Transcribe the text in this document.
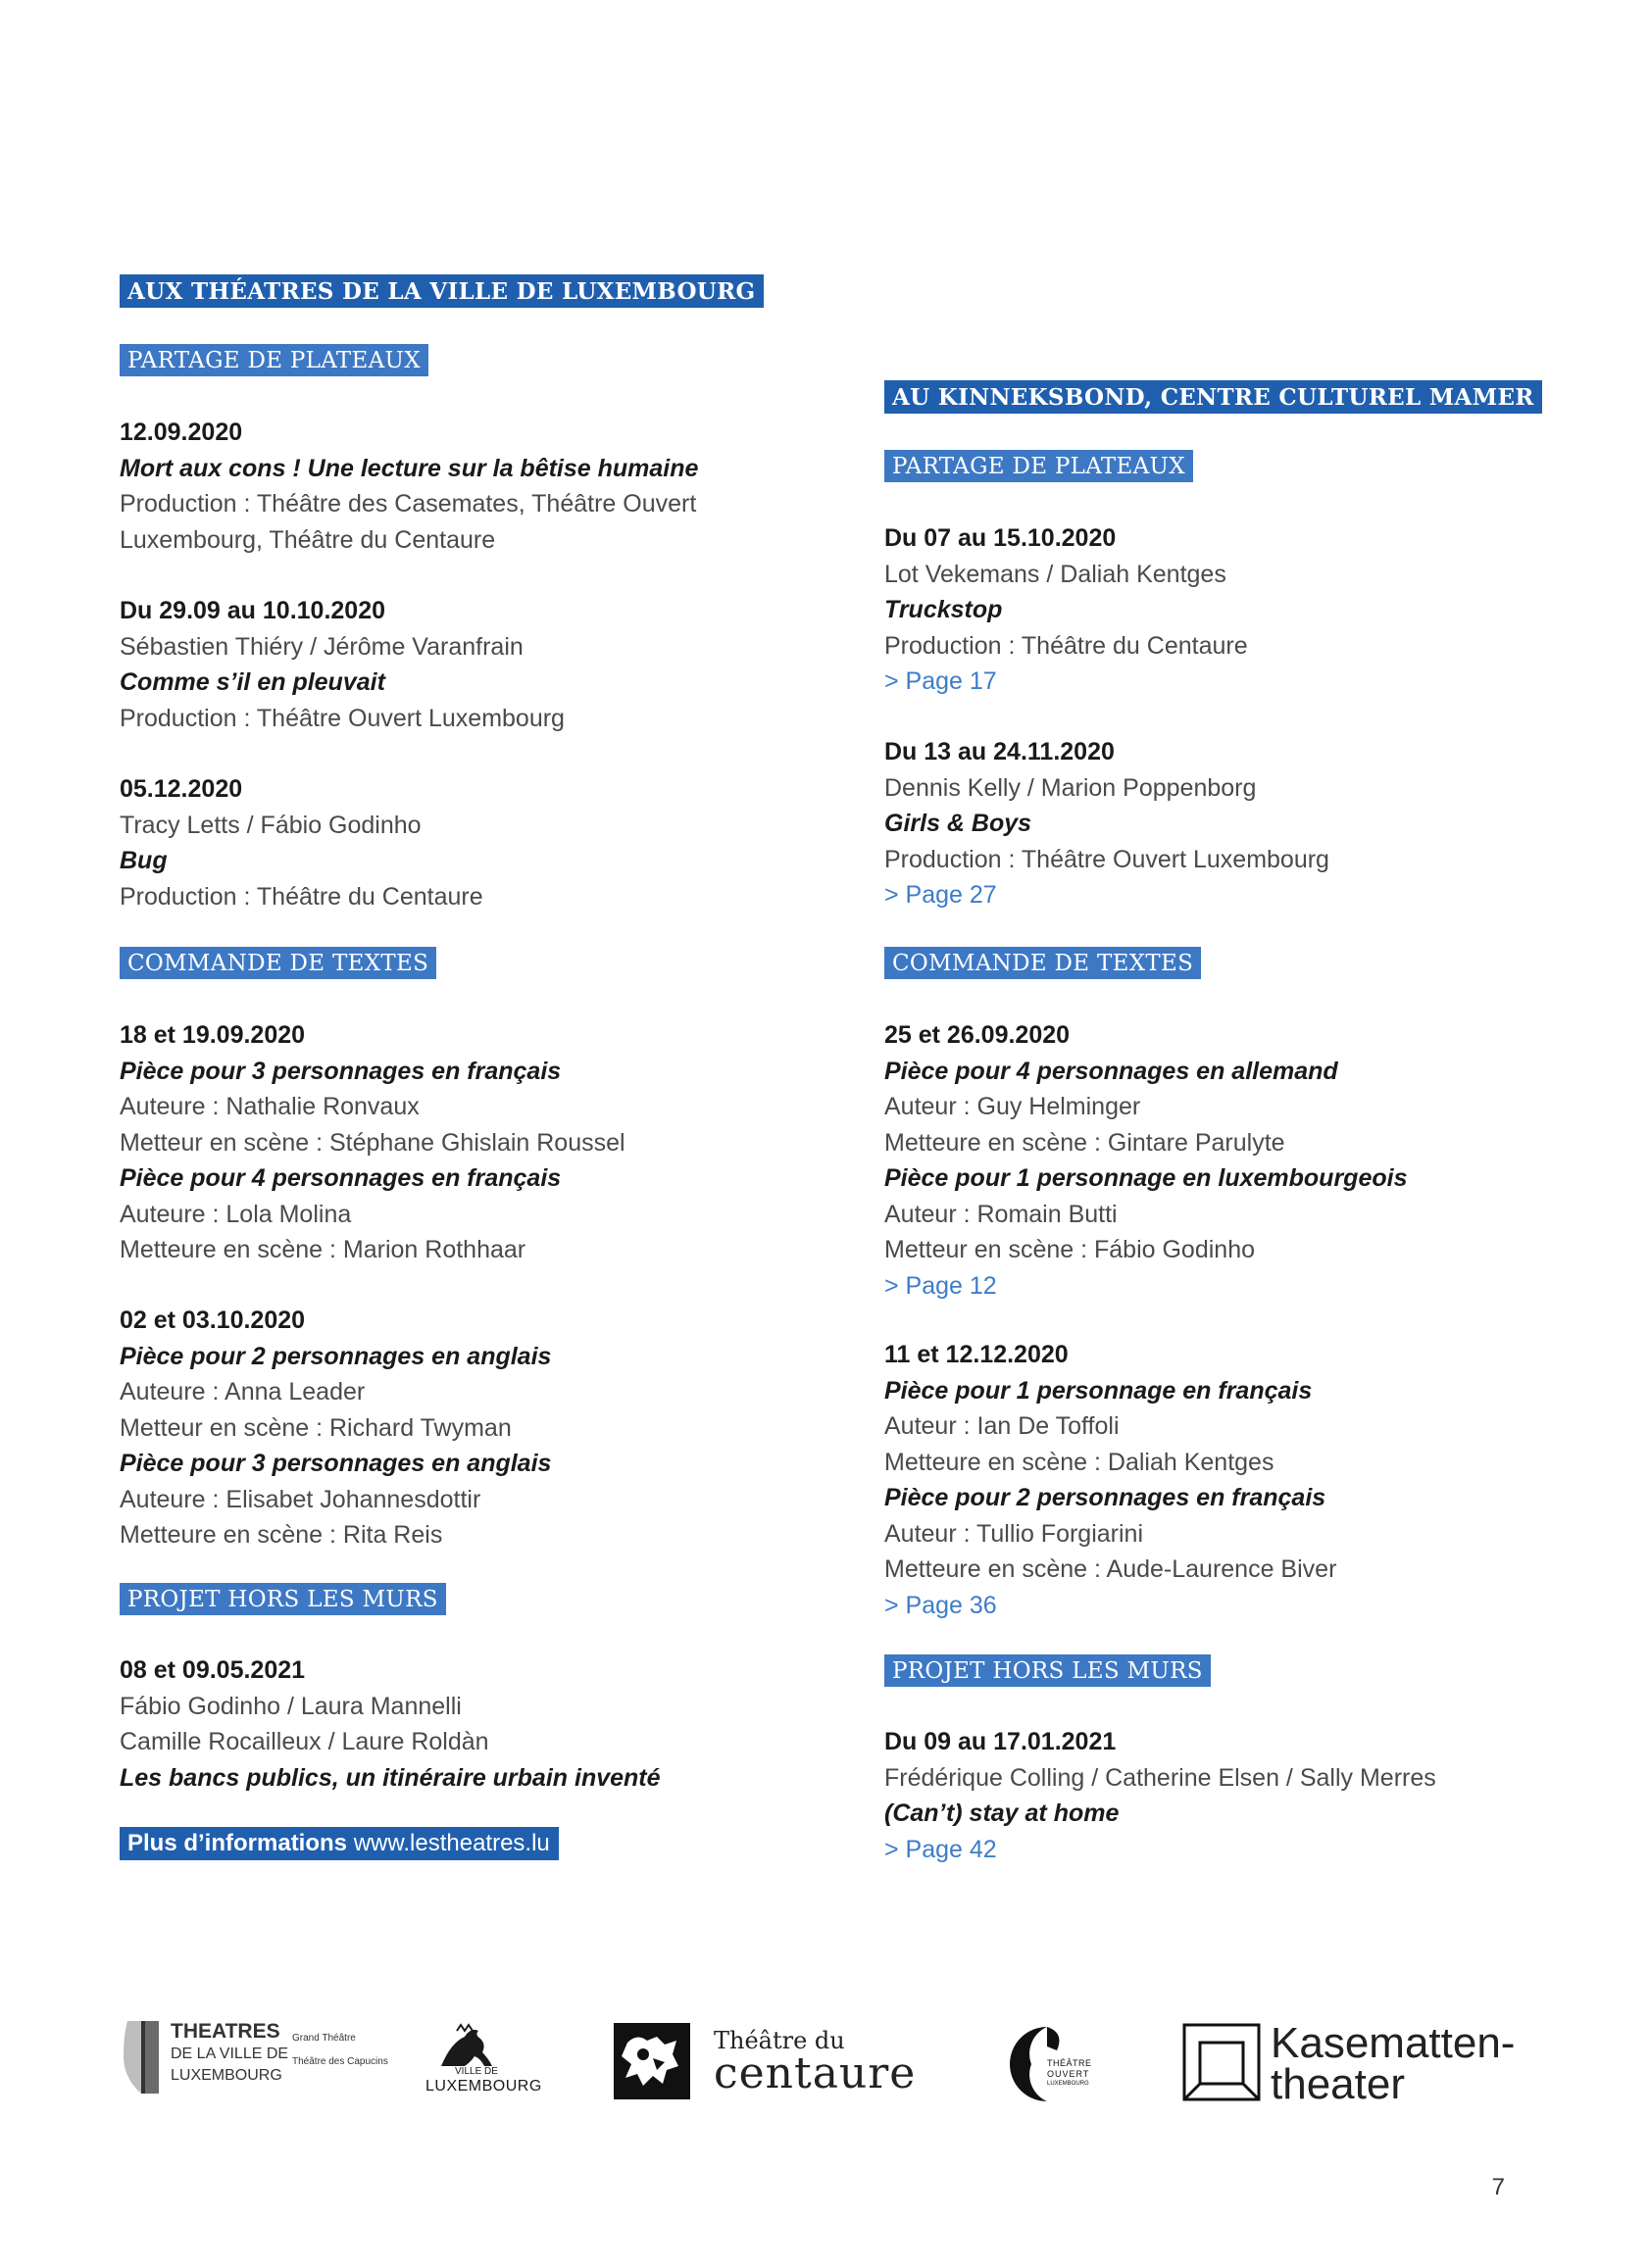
AUX THÉATRES DE LA VILLE DE LUXEMBOURG
PARTAGE DE PLATEAUX
12.09.2020
Mort aux cons ! Une lecture sur la bêtise humaine
Production : Théâtre des Casemates, Théâtre Ouvert
Luxembourg, Théâtre du Centaure
Du 29.09 au 10.10.2020
Sébastien Thiéry / Jérôme Varanfrain
Comme s’il en pleuvait
Production : Théâtre Ouvert Luxembourg
05.12.2020
Tracy Letts / Fábio Godinho
Bug
Production : Théâtre du Centaure
COMMANDE DE TEXTES
18 et 19.09.2020
Pièce pour 3 personnages en français
Auteure : Nathalie Ronvaux
Metteur en scène : Stéphane Ghislain Roussel
Pièce pour 4 personnages en français
Auteure : Lola Molina
Metteure en scène : Marion Rothhaar
02 et 03.10.2020
Pièce pour 2 personnages en anglais
Auteure : Anna Leader
Metteur en scène : Richard Twyman
Pièce pour 3 personnages en anglais
Auteure : Elisabet Johannesdottir
Metteure en scène : Rita Reis
PROJET HORS LES MURS
08 et 09.05.2021
Fábio Godinho / Laura Mannelli
Camille Rocailleux / Laure Roldàn
Les bancs publics, un itinéraire urbain inventé
Plus d’informations www.lestheatres.lu
AU KINNEKSBOND, CENTRE CULTUREL MAMER
PARTAGE DE PLATEAUX
Du 07 au 15.10.2020
Lot Vekemans / Daliah Kentges
Truckstop
Production : Théâtre du Centaure
> Page 17
Du 13 au 24.11.2020
Dennis Kelly / Marion Poppenborg
Girls & Boys
Production : Théâtre Ouvert Luxembourg
> Page 27
COMMANDE DE TEXTES
25 et 26.09.2020
Pièce pour 4 personnages en allemand
Auteur : Guy Helminger
Metteure en scène : Gintare Parulyte
Pièce pour 1 personnage en luxembourgeois
Auteur : Romain Butti
Metteur en scène : Fábio Godinho
> Page 12
11 et 12.12.2020
Pièce pour 1 personnage en français
Auteur : Ian De Toffoli
Metteure en scène : Daliah Kentges
Pièce pour 2 personnages en français
Auteur : Tullio Forgiarini
Metteure en scène : Aude-Laurence Biver
> Page 36
PROJET HORS LES MURS
Du 09 au 17.01.2021
Frédérique Colling / Catherine Elsen / Sally Merres
(Can’t) stay at home
> Page 42
THEATRES
DE LA VILLE DE
LUXEMBOURG
Grand Théâtre
Théâtre des Capucins
VILLE DE
LUXEMBOURG
Théâtre du
centaure	THÉÂTRE
OUVERT
LUXEMBOURG
Kasematten-
theater
7
